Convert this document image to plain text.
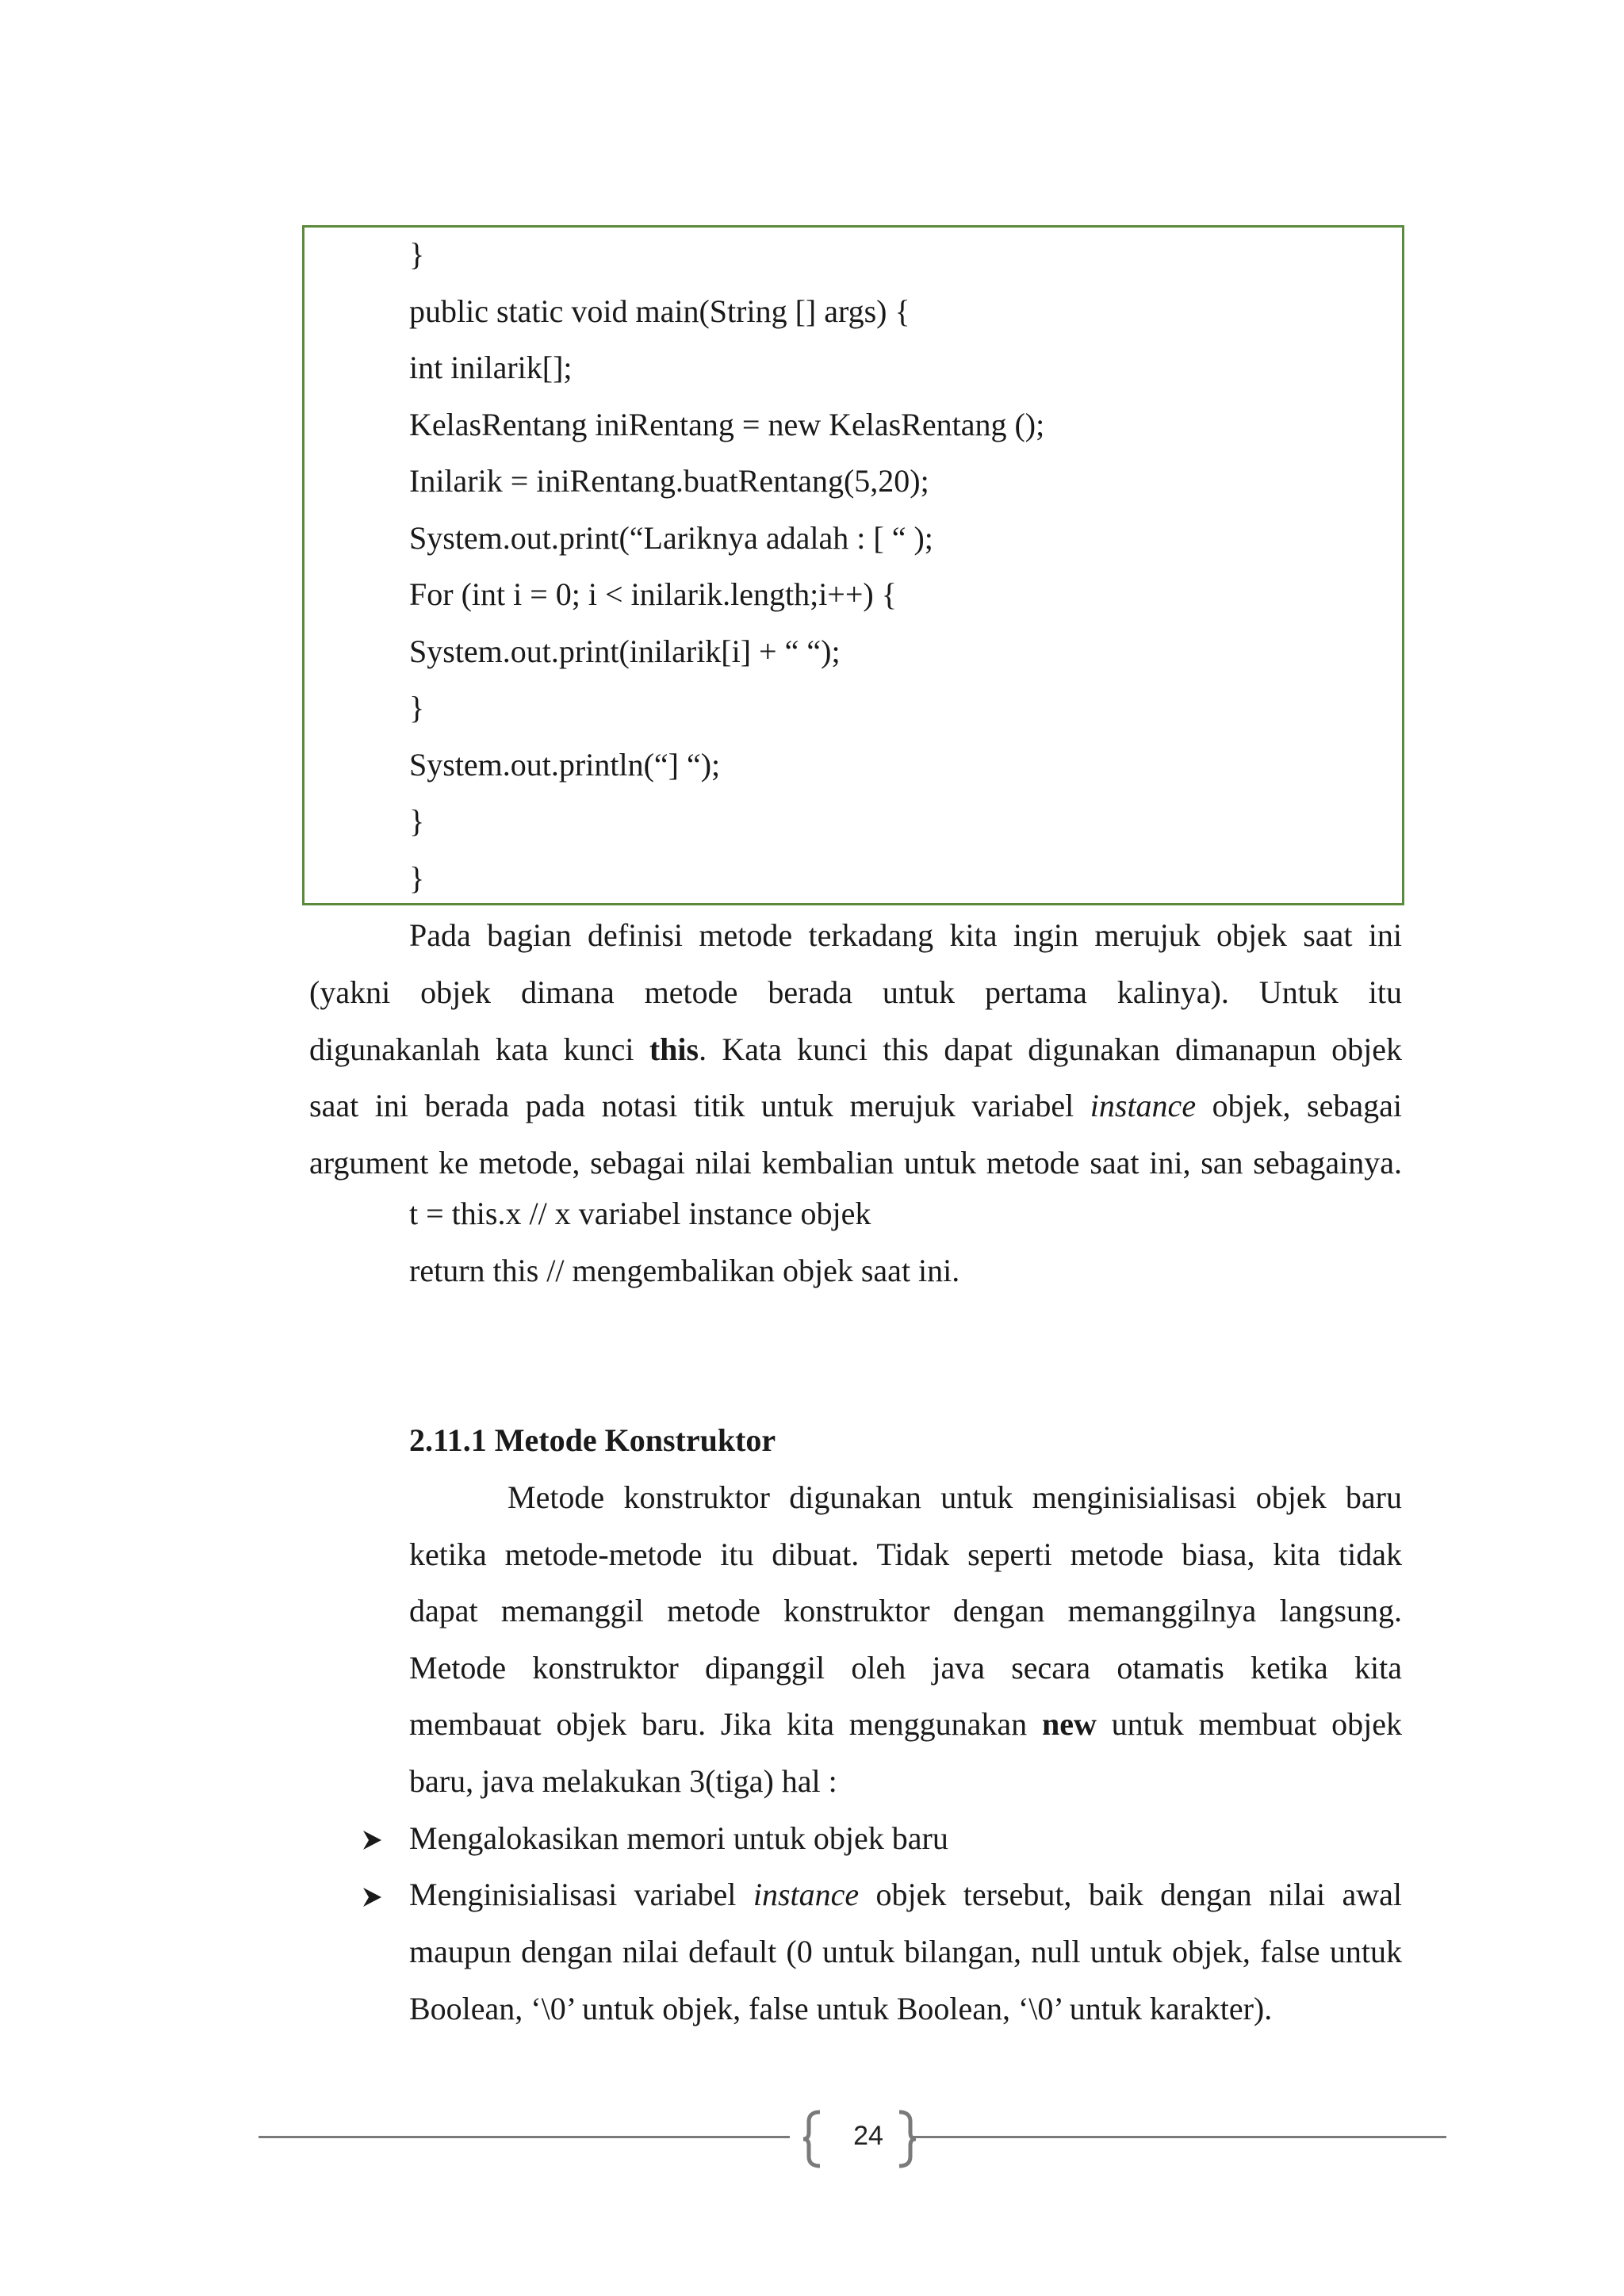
}
public static void main(String [] args) {
int inilarik[];
KelasRentang iniRentang = new KelasRentang ();
Inilarik = iniRentang.buatRentang(5,20);
System.out.print(“Lariknya adalah : [ “ );
For (int i = 0; i < inilarik.length;i++) {
System.out.print(inilarik[i] + “ “);
}
System.out.println(“] “);
}
}
Pada bagian definisi metode terkadang kita ingin merujuk objek saat ini
(yakni objek dimana metode berada untuk pertama kalinya). Untuk itu
digunakanlah kata kunci this. Kata kunci this dapat digunakan dimanapun objek
saat ini berada pada notasi titik untuk merujuk variabel instance objek, sebagai
argument ke metode, sebagai nilai kembalian untuk metode saat ini, san sebagainya.
t = this.x // x variabel instance objek
return this // mengembalikan objek saat ini.
2.11.1 Metode Konstruktor
Metode konstruktor digunakan untuk menginisialisasi objek baru
ketika metode-metode itu dibuat. Tidak seperti metode biasa, kita tidak
dapat memanggil metode konstruktor dengan memanggilnya langsung.
Metode konstruktor dipanggil oleh java secara otamatis ketika kita
membauat objek baru. Jika kita menggunakan new untuk membuat objek
baru, java melakukan 3(tiga) hal :
Mengalokasikan memori untuk objek baru
Menginisialisasi variabel instance objek tersebut, baik dengan nilai awal
maupun dengan nilai default (0 untuk bilangan, null untuk objek, false untuk
Boolean, ‘\0’ untuk objek, false untuk Boolean, ‘\0’ untuk karakter).
24
